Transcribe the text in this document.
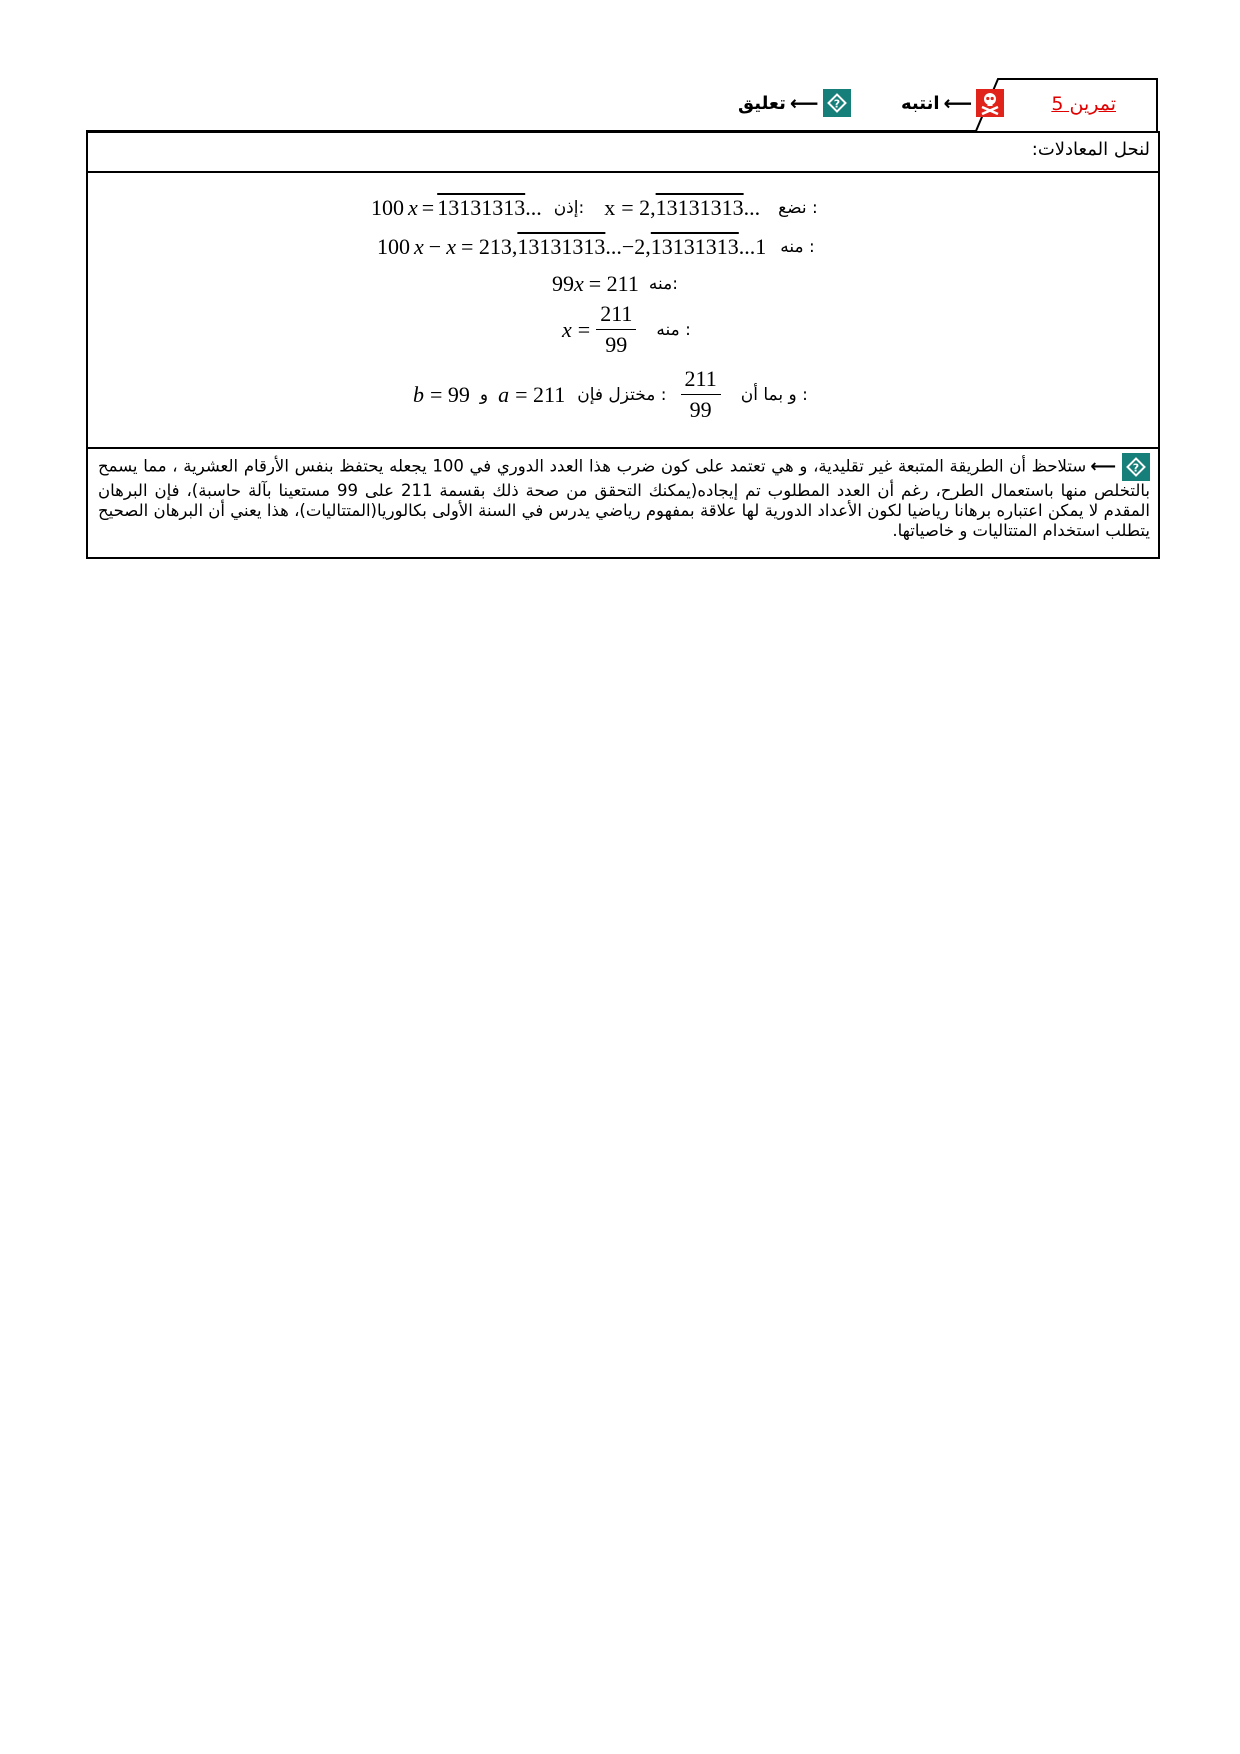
?
⟵
تعليق	⟵
انتبه	تمرين 5
لنحل المعادلات:
100 x = 13131313 ... إذن: x = 2, 13131313 ... نضع :
100 x − x = 213, 13131313 ...−2, 13131313 ...1 منه :
99 x = 211 منه:
$x = \frac{211}{99}$ منه :
b = 99 و a = 211 مختزل فإن : $\frac{211}{99}$ و بما أن :
?
⟵ستلاحظ أن الطريقة المتبعة غير تقليدية، و هي تعتمد على كون ضرب هذا العدد الدوري في 100 يجعله يحتفظ بنفس الأرقام العشرية ، مما يسمح بالتخلص منها باستعمال الطرح، رغم أن العدد المطلوب تم إيجاده(يمكنك التحقق من صحة ذلك بقسمة 211 على 99 مستعينا بآلة حاسبة)، فإن البرهان المقدم لا يمكن اعتباره برهانا رياضيا لكون الأعداد الدورية لها علاقة بمفهوم رياضي يدرس في السنة الأولى بكالوريا(المتتاليات)، هذا يعني أن البرهان الصحيح يتطلب استخدام المتتاليات و خاصياتها.
